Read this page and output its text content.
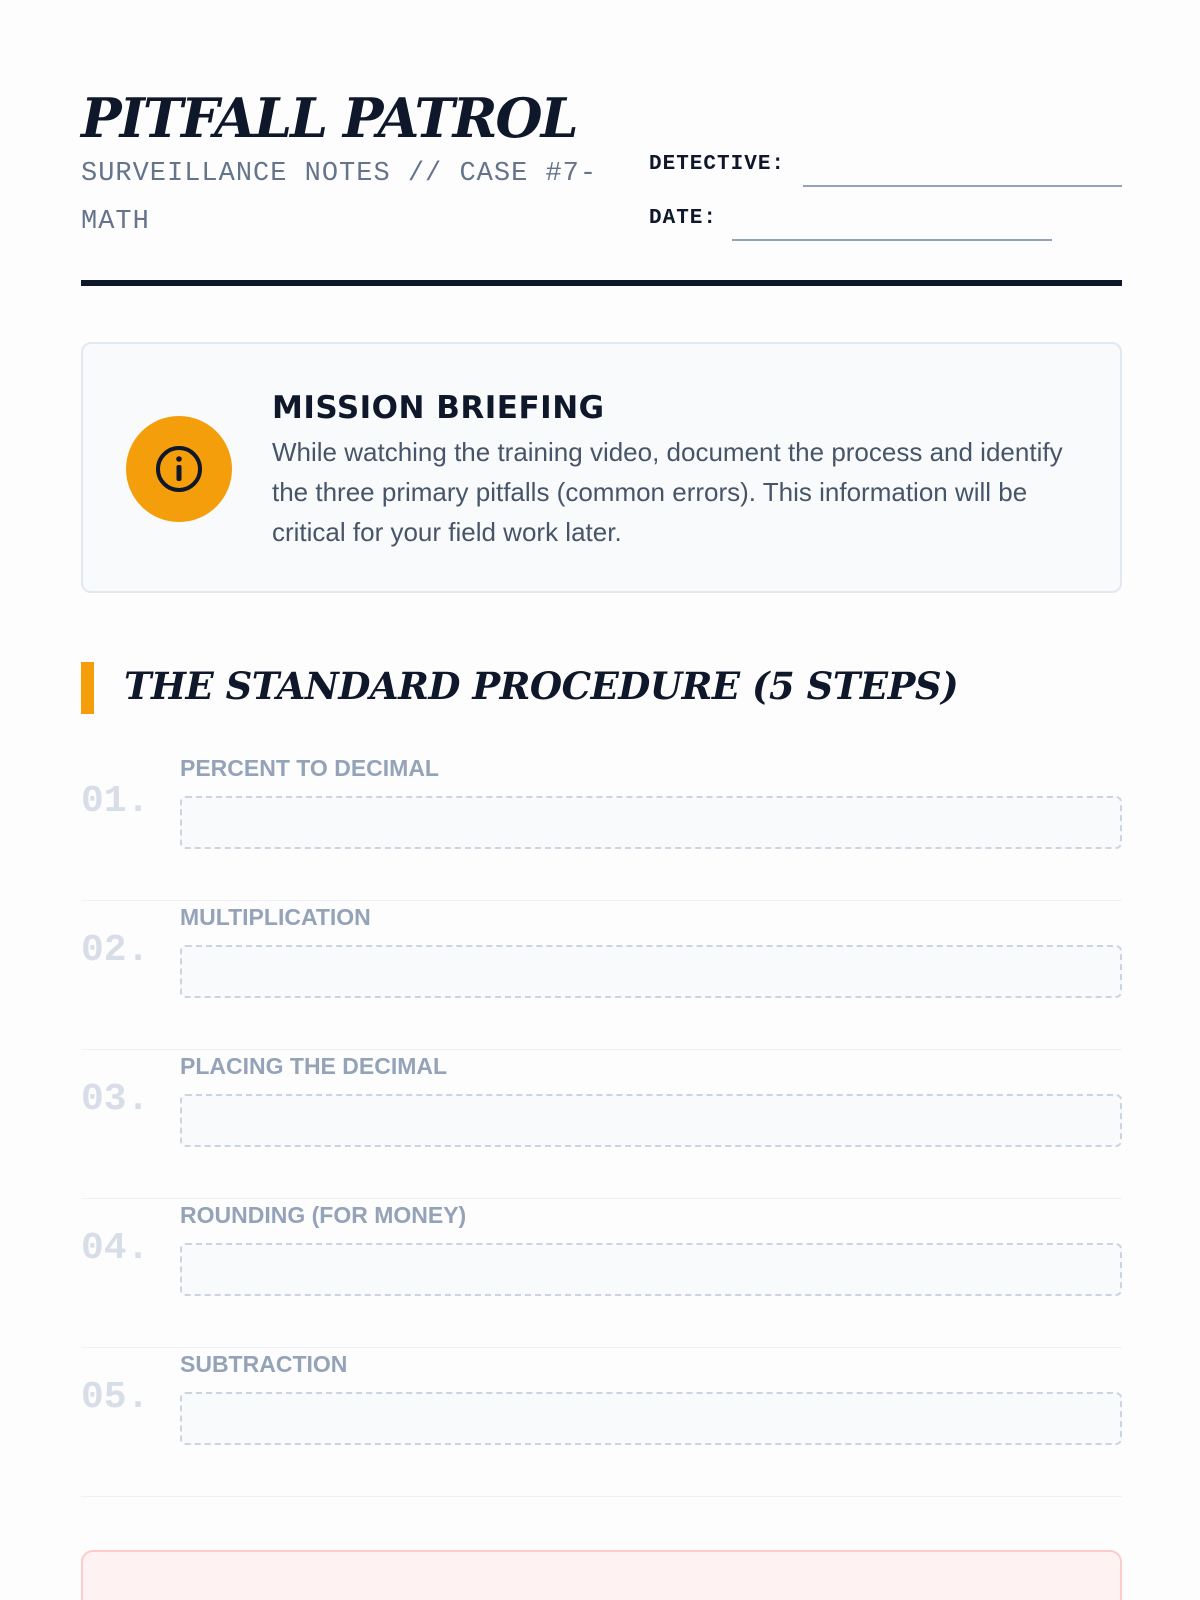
PITFALL PATROL
SURVEILLANCE NOTES // CASE #7-MATH
DETECTIVE:
DATE:
MISSION BRIEFING
While watching the training video, document the process and identify the three primary pitfalls (common errors). This information will be critical for your field work later.
THE STANDARD PROCEDURE (5 STEPS)
01.
PERCENT TO DECIMAL
02.
MULTIPLICATION
03.
PLACING THE DECIMAL
04.
ROUNDING (FOR MONEY)
05.
SUBTRACTION
